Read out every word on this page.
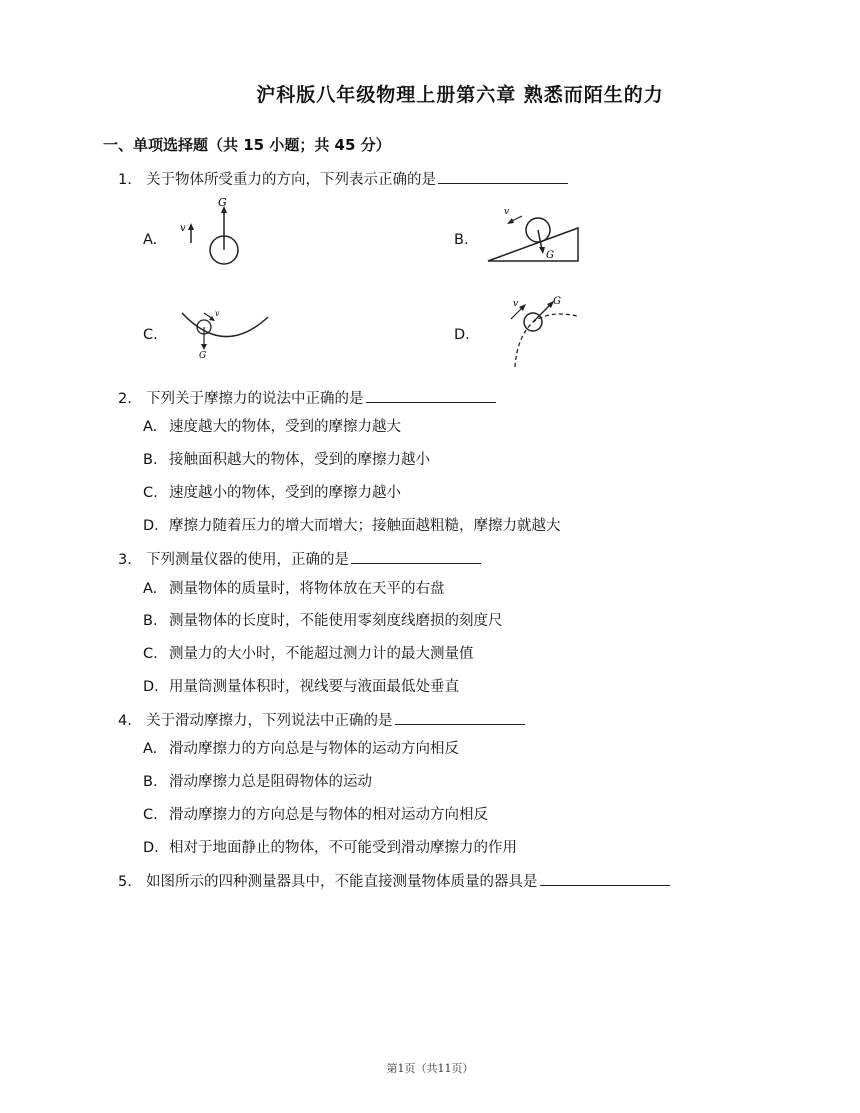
沪科版八年级物理上册第六章 熟悉而陌生的力
一、单项选择题（共 15 小题；共 45 分）
1. 关于物体所受重力的方向，下列表示正确的是
A.
G
v
B.
G
v
C.
G
v
D.
G
v
2. 下列关于摩擦力的说法中正确的是
A. 速度越大的物体，受到的摩擦力越大
B. 接触面积越大的物体，受到的摩擦力越小
C. 速度越小的物体，受到的摩擦力越小
D. 摩擦力随着压力的增大而增大；接触面越粗糙，摩擦力就越大
3. 下列测量仪器的使用，正确的是
A. 测量物体的质量时，将物体放在天平的右盘
B. 测量物体的长度时，不能使用零刻度线磨损的刻度尺
C. 测量力的大小时，不能超过测力计的最大测量值
D. 用量筒测量体积时，视线要与液面最低处垂直
4. 关于滑动摩擦力，下列说法中正确的是
A. 滑动摩擦力的方向总是与物体的运动方向相反
B. 滑动摩擦力总是阻碍物体的运动
C. 滑动摩擦力的方向总是与物体的相对运动方向相反
D. 相对于地面静止的物体，不可能受到滑动摩擦力的作用
5. 如图所示的四种测量器具中，不能直接测量物体质量的器具是
第1页（共11页）
